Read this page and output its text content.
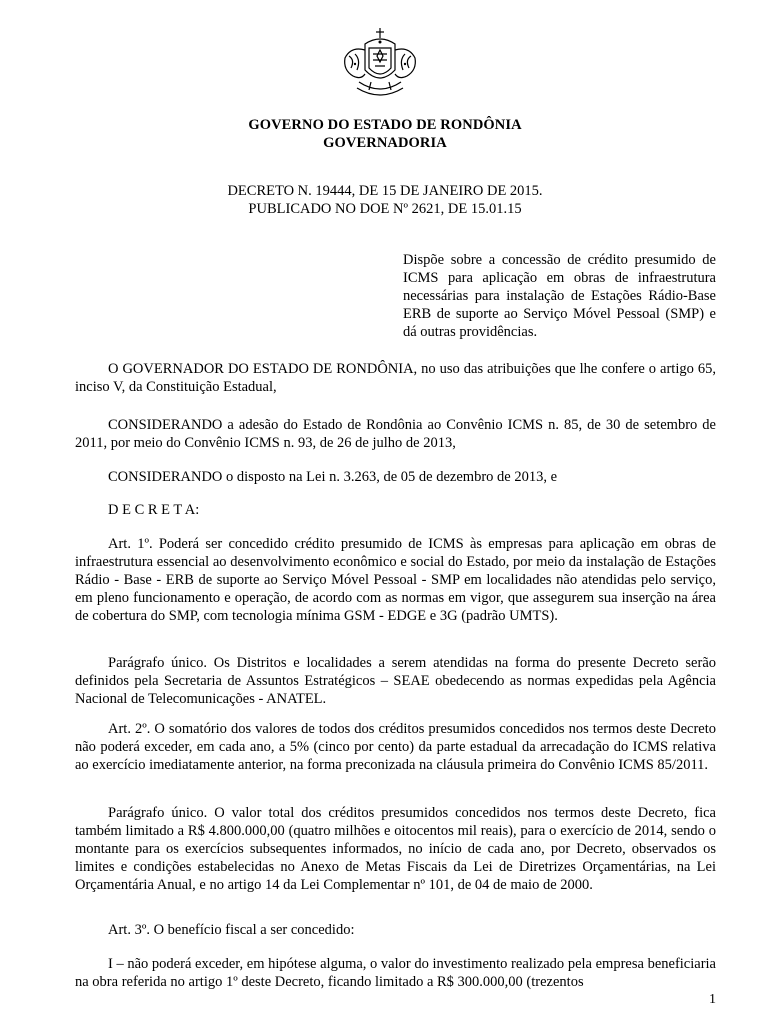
GOVERNO DO ESTADO DE RONDÔNIA
GOVERNADORIA
DECRETO N. 19444, DE 15 DE JANEIRO DE 2015.
PUBLICADO NO DOE Nº 2621, DE 15.01.15
Dispõe sobre a concessão de crédito presumido de ICMS para aplicação em obras de infraestrutura necessárias para instalação de Estações Rádio-Base ERB de suporte ao Serviço Móvel Pessoal (SMP) e dá outras providências.
O GOVERNADOR DO ESTADO DE RONDÔNIA, no uso das atribuições que lhe confere o artigo 65, inciso V, da Constituição Estadual,
CONSIDERANDO a adesão do Estado de Rondônia ao Convênio ICMS n. 85, de 30 de setembro de 2011, por meio do Convênio ICMS n. 93, de 26 de julho de 2013,
CONSIDERANDO o disposto na Lei n. 3.263, de 05 de dezembro de 2013, e
D E C R E T A:
Art. 1º. Poderá ser concedido crédito presumido de ICMS às empresas para aplicação em obras de infraestrutura essencial ao desenvolvimento econômico e social do Estado, por meio da instalação de Estações Rádio - Base - ERB de suporte ao Serviço Móvel Pessoal - SMP em localidades não atendidas pelo serviço, em pleno funcionamento e operação, de acordo com as normas em vigor, que assegurem sua inserção na área de cobertura do SMP, com tecnologia mínima GSM - EDGE e 3G (padrão UMTS).
Parágrafo único. Os Distritos e localidades a serem atendidas na forma do presente Decreto serão definidos pela Secretaria de Assuntos Estratégicos – SEAE obedecendo as normas expedidas pela Agência Nacional de Telecomunicações - ANATEL.
Art. 2º. O somatório dos valores de todos dos créditos presumidos concedidos nos termos deste Decreto não poderá exceder, em cada ano, a 5% (cinco por cento) da parte estadual da arrecadação do ICMS relativa ao exercício imediatamente anterior, na forma preconizada na cláusula primeira do Convênio ICMS 85/2011.
Parágrafo único. O valor total dos créditos presumidos concedidos nos termos deste Decreto, fica também limitado a R$ 4.800.000,00 (quatro milhões e oitocentos mil reais), para o exercício de 2014, sendo o montante para os exercícios subsequentes informados, no início de cada ano, por Decreto, observados os limites e condições estabelecidas no Anexo de Metas Fiscais da Lei de Diretrizes Orçamentárias, na Lei Orçamentária Anual, e no artigo 14 da Lei Complementar nº 101, de 04 de maio de 2000.
Art. 3º. O benefício fiscal a ser concedido:
I – não poderá exceder, em hipótese alguma, o valor do investimento realizado pela empresa beneficiaria na obra referida no artigo 1º deste Decreto, ficando limitado a R$ 300.000,00 (trezentos
1
